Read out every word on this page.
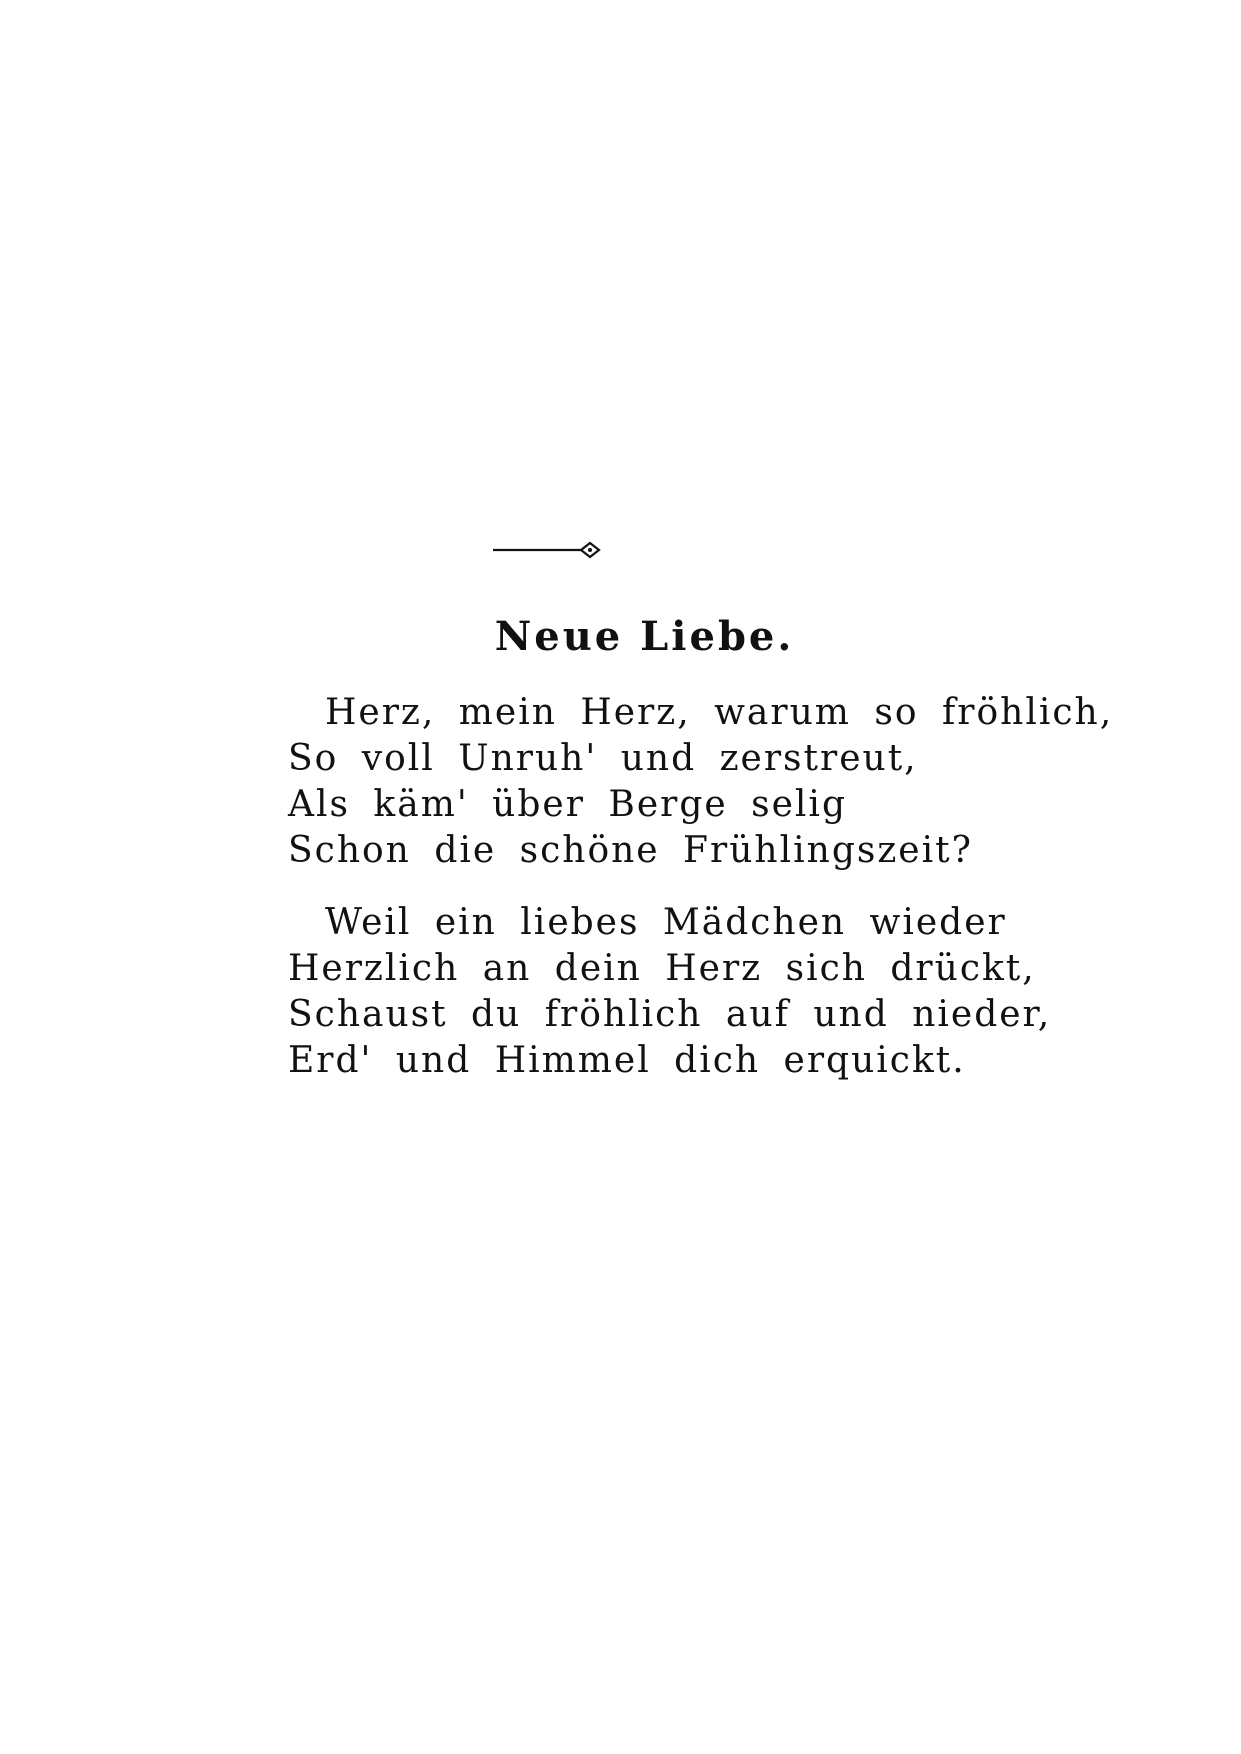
Neue Liebe.
Herz, mein Herz, warum so fröhlich,
So voll Unruh' und zerstreut,
Als käm' über Berge selig
Schon die schöne Frühlingszeit?
Weil ein liebes Mädchen wieder
Herzlich an dein Herz sich drückt,
Schaust du fröhlich auf und nieder,
Erd' und Himmel dich erquickt.
